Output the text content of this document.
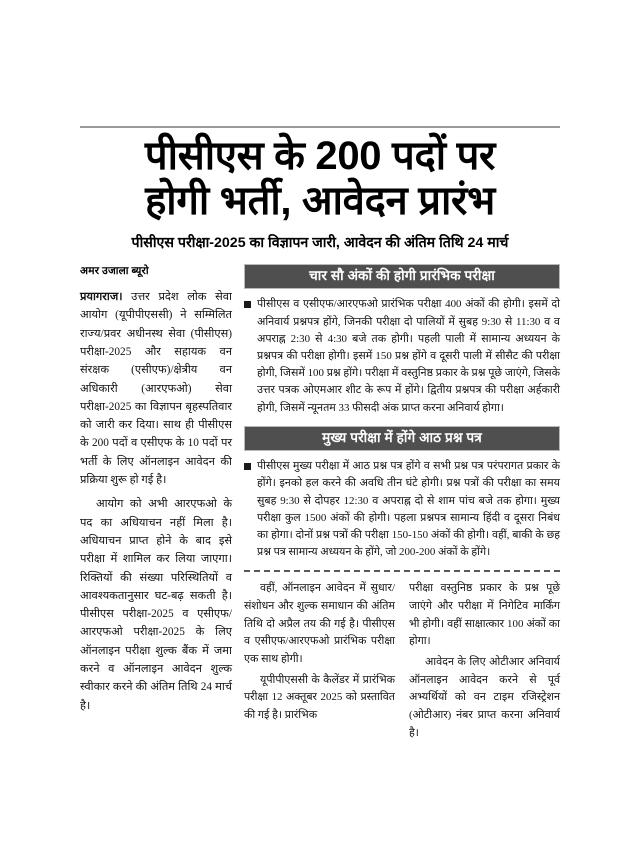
पीसीएस के 200 पदों पर
होगी भर्ती, आवेदन प्रारंभ
पीसीएस परीक्षा-2025 का विज्ञापन जारी, आवेदन की अंतिम तिथि 24 मार्च
अमर उजाला ब्यूरो

प्रयागराज। उत्तर प्रदेश लोक सेवा आयोग (यूपीपीएससी) ने सम्मिलित राज्य/प्रवर अधीनस्थ सेवा (पीसीएस) परीक्षा-2025 और सहायक वन संरक्षक (एसीएफ)/क्षेत्रीय वन अधिकारी (आरएफओ) सेवा परीक्षा-2025 का विज्ञापन बृहस्पतिवार को जारी कर दिया। साथ ही पीसीएस के 200 पदों व एसीएफ के 10 पदों पर भर्ती के लिए ऑनलाइन आवेदन की प्रक्रिया शुरू हो गई है।

आयोग को अभी आरएफओ के पद का अधियाचन नहीं मिला है। अधियाचन प्राप्त होने के बाद इसे परीक्षा में शामिल कर लिया जाएगा। रिक्तियों की संख्या परिस्थितियों व आवश्यकतानुसार घट-बढ़ सकती है। पीसीएस परीक्षा-2025 व एसीएफ/आरएफओ परीक्षा-2025 के लिए ऑनलाइन परीक्षा शुल्क बैंक में जमा करने व ऑनलाइन आवेदन शुल्क स्वीकार करने की अंतिम तिथि 24 मार्च है।

चार सौ अंकों की होगी प्रारंभिक परीक्षा
पीसीएस व एसीएफ/आरएफओ प्रारंभिक परीक्षा 400 अंकों की होगी। इसमें दो अनिवार्य प्रश्नपत्र होंगे, जिनकी परीक्षा दो पालियों में सुबह 9:30 से 11:30 व व अपराह्न 2:30 से 4:30 बजे तक होगी। पहली पाली में सामान्य अध्ययन के प्रश्नपत्र की परीक्षा होगी। इसमें 150 प्रश्न होंगे व दूसरी पाली में सीसैट की परीक्षा होगी, जिसमें 100 प्रश्न होंगे। परीक्षा में वस्तुनिष्ठ प्रकार के प्रश्न पूछे जाएंगे, जिसके उत्तर पत्रक ओएमआर शीट के रूप में होंगे। द्वितीय प्रश्नपत्र की परीक्षा अर्हकारी होगी, जिसमें न्यूनतम 33 फीसदी अंक प्राप्त करना अनिवार्य होगा।
मुख्य परीक्षा में होंगे आठ प्रश्न पत्र
पीसीएस मुख्य परीक्षा में आठ प्रश्न पत्र होंगे व सभी प्रश्न पत्र परंपरागत प्रकार के होंगे। इनको हल करने की अवधि तीन घंटे होगी। प्रश्न पत्रों की परीक्षा का समय सुबह 9:30 से दोपहर 12:30 व अपराह्न दो से शाम पांच बजे तक होगा। मुख्य परीक्षा कुल 1500 अंकों की होगी। पहला प्रश्नपत्र सामान्य हिंदी व दूसरा निबंध का होगा। दोनों प्रश्न पत्रों की परीक्षा 150-150 अंकों की होगी। वहीं, बाकी के छह प्रश्न पत्र सामान्य अध्ययन के होंगे, जो 200-200 अंकों के होंगे।

वहीं, ऑनलाइन आवेदन में सुधार/संशोधन और शुल्क समाधान की अंतिम तिथि दो अप्रैल तय की गई है। पीसीएस व एसीएफ/आरएफओ प्रारंभिक परीक्षा एक साथ होगी।

यूपीपीएससी के कैलेंडर में प्रारंभिक परीक्षा 12 अक्तूबर 2025 को प्रस्तावित की गई है। प्रारंभिक

परीक्षा वस्तुनिष्ठ प्रकार के प्रश्न पूछे जाएंगे और परीक्षा में निगेटिव मार्किंग भी होगी। वहीं साक्षात्कार 100 अंकों का होगा।

आवेदन के लिए ओटीआर अनिवार्य ऑनलाइन आवेदन करने से पूर्व अभ्यर्थियों को वन टाइम रजिस्ट्रेशन (ओटीआर) नंबर प्राप्त करना अनिवार्य है।
